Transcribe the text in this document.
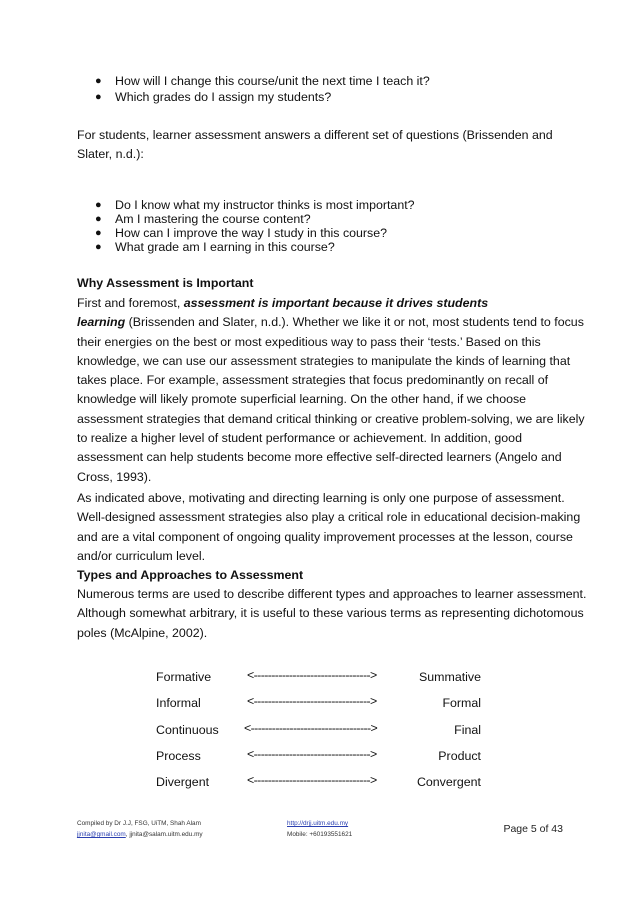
● How will I change this course/unit the next time I teach it?
● Which grades do I assign my students?
For students, learner assessment answers a different set of questions (Brissenden and
Slater, n.d.):
● Do I know what my instructor thinks is most important?
● Am I mastering the course content?
● How can I improve the way I study in this course?
● What grade am I earning in this course?
Why Assessment is Important
First and foremost, assessment is important because it drives students
learning (Brissenden and Slater, n.d.). Whether we like it or not, most students tend to focus
their energies on the best or most expeditious way to pass their ‘tests.’ Based on this
knowledge, we can use our assessment strategies to manipulate the kinds of learning that
takes place. For example, assessment strategies that focus predominantly on recall of
knowledge will likely promote superficial learning. On the other hand, if we choose
assessment strategies that demand critical thinking or creative problem-solving, we are likely
to realize a higher level of student performance or achievement. In addition, good
assessment can help students become more effective self-directed learners (Angelo and
Cross, 1993).
As indicated above, motivating and directing learning is only one purpose of assessment.
Well-designed assessment strategies also play a critical role in educational decision-making
and are a vital component of ongoing quality improvement processes at the lesson, course
and/or curriculum level.
Types and Approaches to Assessment
Numerous terms are used to describe different types and approaches to learner assessment.
Although somewhat arbitrary, it is useful to these various terms as representing dichotomous
poles (McAlpine, 2002).
Formative	<--------------------------------->	Summative
Informal	<--------------------------------->	Formal
Continuous <---------------------------------->	Final
Process	<--------------------------------->	Product
Divergent	<--------------------------------->	Convergent
Compiled by Dr J.J, FSG, UiTM, Shah Alam
jjnita@gmail.com, jjnita@salam.uitm.edu.my
http://drjj.uitm.edu.my
Mobile: +60193551621	Page 5 of 43
